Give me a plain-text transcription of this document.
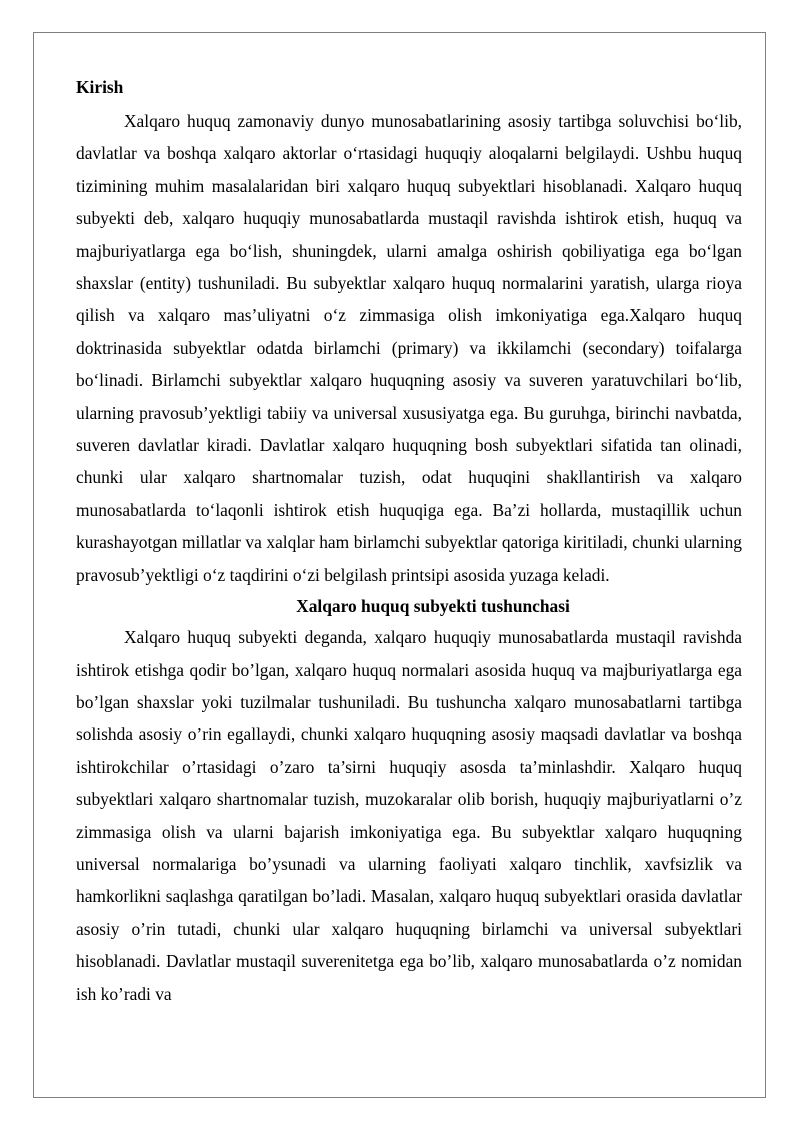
Kirish

Xalqaro huquq zamonaviy dunyo munosabatlarining asosiy tartibga soluvchisi bo‘lib, davlatlar va boshqa xalqaro aktorlar o‘rtasidagi huquqiy aloqalarni belgilaydi. Ushbu huquq tizimining muhim masalalaridan biri xalqaro huquq subyektlari hisoblanadi. Xalqaro huquq subyekti deb, xalqaro huquqiy munosabatlarda mustaqil ravishda ishtirok etish, huquq va majburiyatlarga ega bo‘lish, shuningdek, ularni amalga oshirish qobiliyatiga ega bo‘lgan shaxslar (entity) tushuniladi. Bu subyektlar xalqaro huquq normalarini yaratish, ularga rioya qilish va xalqaro mas’uliyatni o‘z zimmasiga olish imkoniyatiga ega.Xalqaro huquq doktrinasida subyektlar odatda birlamchi (primary) va ikkilamchi (secondary) toifalarga bo‘linadi. Birlamchi subyektlar xalqaro huquqning asosiy va suveren yaratuvchilari bo‘lib, ularning pravosub’yektligi tabiiy va universal xususiyatga ega. Bu guruhga, birinchi navbatda, suveren davlatlar kiradi. Davlatlar xalqaro huquqning bosh subyektlari sifatida tan olinadi, chunki ular xalqaro shartnomalar tuzish, odat huquqini shakllantirish va xalqaro munosabatlarda to‘laqonli ishtirok etish huquqiga ega. Ba’zi hollarda, mustaqillik uchun kurashayotgan millatlar va xalqlar ham birlamchi subyektlar qatoriga kiritiladi, chunki ularning pravosub’yektligi o‘z taqdirini o‘zi belgilash printsipi asosida yuzaga keladi.

Xalqaro huquq subyekti tushunchasi

Xalqaro huquq subyekti deganda, xalqaro huquqiy munosabatlarda mustaqil ravishda ishtirok etishga qodir bo’lgan, xalqaro huquq normalari asosida huquq va majburiyatlarga ega bo’lgan shaxslar yoki tuzilmalar tushuniladi. Bu tushuncha xalqaro munosabatlarni tartibga solishda asosiy o’rin egallaydi, chunki xalqaro huquqning asosiy maqsadi davlatlar va boshqa ishtirokchilar o’rtasidagi o’zaro ta’sirni huquqiy asosda ta’minlashdir. Xalqaro huquq subyektlari xalqaro shartnomalar tuzish, muzokaralar olib borish, huquqiy majburiyatlarni o’z zimmasiga olish va ularni bajarish imkoniyatiga ega. Bu subyektlar xalqaro huquqning universal normalariga bo’ysunadi va ularning faoliyati xalqaro tinchlik, xavfsizlik va hamkorlikni saqlashga qaratilgan bo’ladi. Masalan, xalqaro huquq subyektlari orasida davlatlar asosiy o’rin tutadi, chunki ular xalqaro huquqning birlamchi va universal subyektlari hisoblanadi. Davlatlar mustaqil suverenitetga ega bo’lib, xalqaro munosabatlarda o’z nomidan ish ko’radi va
